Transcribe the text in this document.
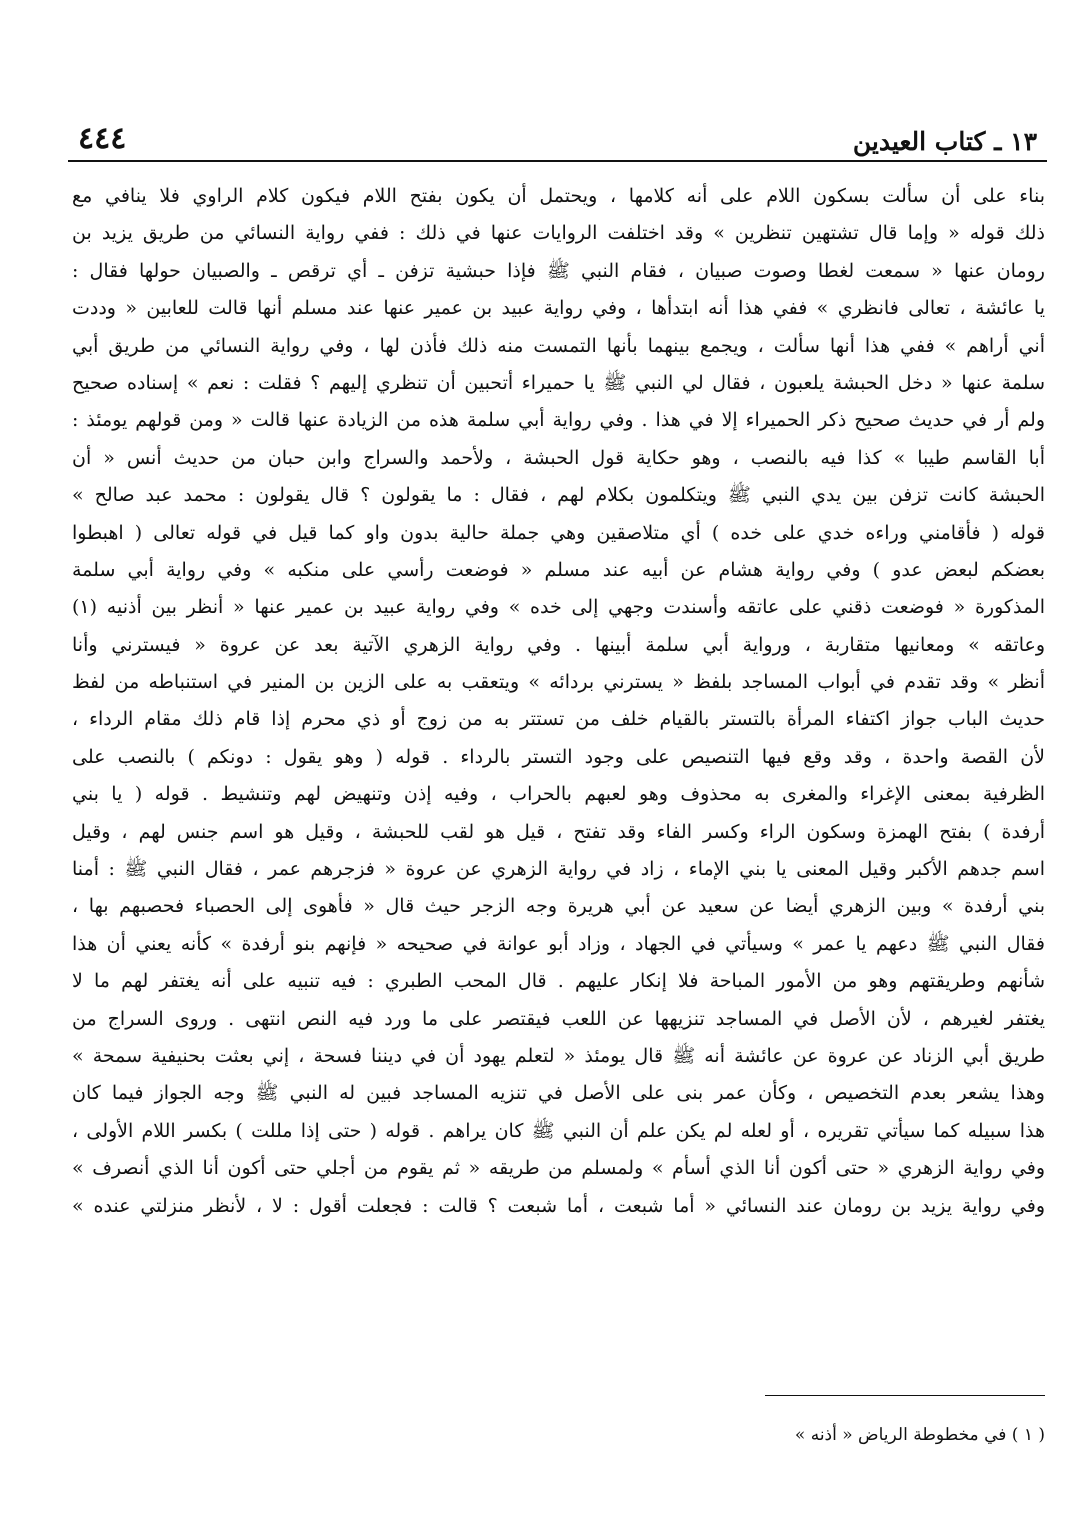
٤٤٤	١٣ ـ كتاب العيدين
بناء على أن سألت بسكون اللام على أنه كلامها ، ويحتمل أن يكون بفتح اللام فيكون كلام الراوي فلا ينافي مع
ذلك قوله « وإما قال تشتهين تنظرين » وقد اختلفت الروايات عنها في ذلك : ففي رواية النسائي من طريق يزيد بن
رومان عنها « سمعت لغطا وصوت صبيان ، فقام النبي ﷺ فإذا حبشية تزفن ـ أي ترقص ـ والصبيان حولها فقال :
يا عائشة ، تعالى فانظري » ففي هذا أنه ابتدأها ، وفي رواية عبيد بن عمير عنها عند مسلم أنها قالت للعابين « وددت
أني أراهم » ففي هذا أنها سألت ، ويجمع بينهما بأنها التمست منه ذلك فأذن لها ، وفي رواية النسائي من طريق أبي
سلمة عنها « دخل الحبشة يلعبون ، فقال لي النبي ﷺ يا حميراء أتحبين أن تنظري إليهم ؟ فقلت : نعم » إسناده صحيح
ولم أر في حديث صحيح ذكر الحميراء إلا في هذا . وفي رواية أبي سلمة هذه من الزيادة عنها قالت « ومن قولهم يومئذ :
أبا القاسم طيبا » كذا فيه بالنصب ، وهو حكاية قول الحبشة ، ولأحمد والسراج وابن حبان من حديث أنس « أن
الحبشة كانت تزفن بين يدي النبي ﷺ ويتكلمون بكلام لهم ، فقال : ما يقولون ؟ قال يقولون : محمد عبد صالح »
قوله ( فأقامني وراءه خدي على خده ) أي متلاصقين وهي جملة حالية بدون واو كما قيل في قوله تعالى ( اهبطوا
بعضكم لبعض عدو ) وفي رواية هشام عن أبيه عند مسلم « فوضعت رأسي على منكبه » وفي رواية أبي سلمة
المذكورة « فوضعت ذقني على عاتقه وأسندت وجهي إلى خده » وفي رواية عبيد بن عمير عنها « أنظر بين أذنيه (١)
وعاتقه » ومعانيها متقاربة ، ورواية أبي سلمة أبينها . وفي رواية الزهري الآتية بعد عن عروة « فيسترني وأنا
أنظر » وقد تقدم في أبواب المساجد بلفظ « يسترني بردائه » ويتعقب به على الزين بن المنير في استنباطه من لفظ
حديث الباب جواز اكتفاء المرأة بالتستر بالقيام خلف من تستتر به من زوج أو ذي محرم إذا قام ذلك مقام الرداء ،
لأن القصة واحدة ، وقد وقع فيها التنصيص على وجود التستر بالرداء . قوله ( وهو يقول : دونكم ) بالنصب على
الظرفية بمعنى الإغراء والمغرى به محذوف وهو لعبهم بالحراب ، وفيه إذن وتنهيض لهم وتنشيط . قوله ( يا بني
أرفدة ) بفتح الهمزة وسكون الراء وكسر الفاء وقد تفتح ، قيل هو لقب للحبشة ، وقيل هو اسم جنس لهم ، وقيل
اسم جدهم الأكبر وقيل المعنى يا بني الإماء ، زاد في رواية الزهري عن عروة « فزجرهم عمر ، فقال النبي ﷺ : أمنا
بني أرفدة » وبين الزهري أيضا عن سعيد عن أبي هريرة وجه الزجر حيث قال « فأهوى إلى الحصباء فحصبهم بها ،
فقال النبي ﷺ دعهم يا عمر » وسيأتي في الجهاد ، وزاد أبو عوانة في صحيحه « فإنهم بنو أرفدة » كأنه يعني أن هذا
شأنهم وطريقتهم وهو من الأمور المباحة فلا إنكار عليهم . قال المحب الطبري : فيه تنبيه على أنه يغتفر لهم ما لا
يغتفر لغيرهم ، لأن الأصل في المساجد تنزيهها عن اللعب فيقتصر على ما ورد فيه النص انتهى . وروى السراج من
طريق أبي الزناد عن عروة عن عائشة أنه ﷺ قال يومئذ « لتعلم يهود أن في ديننا فسحة ، إني بعثت بحنيفية سمحة »
وهذا يشعر بعدم التخصيص ، وكأن عمر بنى على الأصل في تنزيه المساجد فبين له النبي ﷺ وجه الجواز فيما كان
هذا سبيله كما سيأتي تقريره ، أو لعله لم يكن علم أن النبي ﷺ كان يراهم . قوله ( حتى إذا مللت ) بكسر اللام الأولى ،
وفي رواية الزهري « حتى أكون أنا الذي أسأم » ولمسلم من طريقه « ثم يقوم من أجلي حتى أكون أنا الذي أنصرف »
وفي رواية يزيد بن رومان عند النسائي « أما شبعت ، أما شبعت ؟ قالت : فجعلت أقول : لا ، لأنظر منزلتي عنده »
( ١ ) في مخطوطة الرياض « أذنه »
